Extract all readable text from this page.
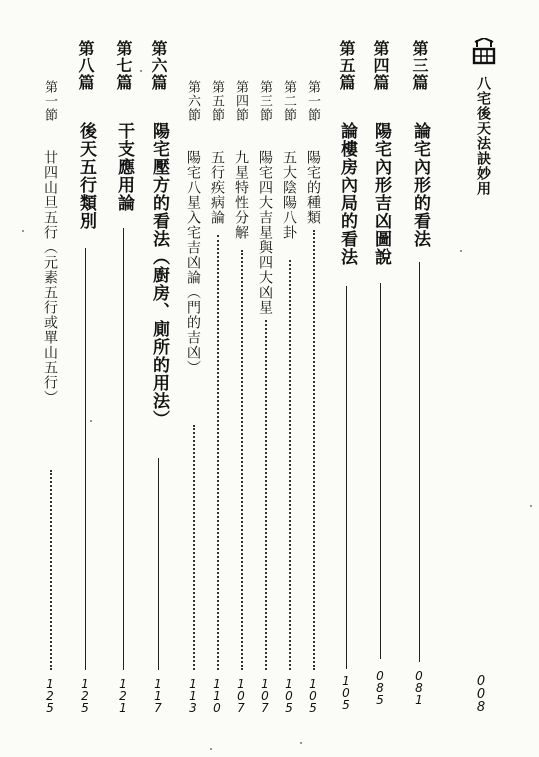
八宅後天法訣妙用
0
0
8
第三篇
論宅內形的看法
0
8
1
第四篇
陽宅內形吉凶圖說
0
8
5
第五篇
論樓房內局的看法
1
0
5
第一節
陽宅的種類
1
0
5
第二節
五大陰陽八卦
1
0
5
第三節
陽宅四大吉星與四大凶星
1
0
7
第四節
九星特性分解
1
0
7
第五節
五行疾病論
1
1
0
第六節
陽宅八星入宅吉凶論（門的吉凶）
1
1
3
第六篇
陽宅壓方的看法（廚房、廁所的用法）
1
1
7
第七篇
干支應用論
1
2
1
第八篇
後天五行類別
1
2
5
第一節
廿四山旦五行（元素五行或單山五行）
1
2
5
